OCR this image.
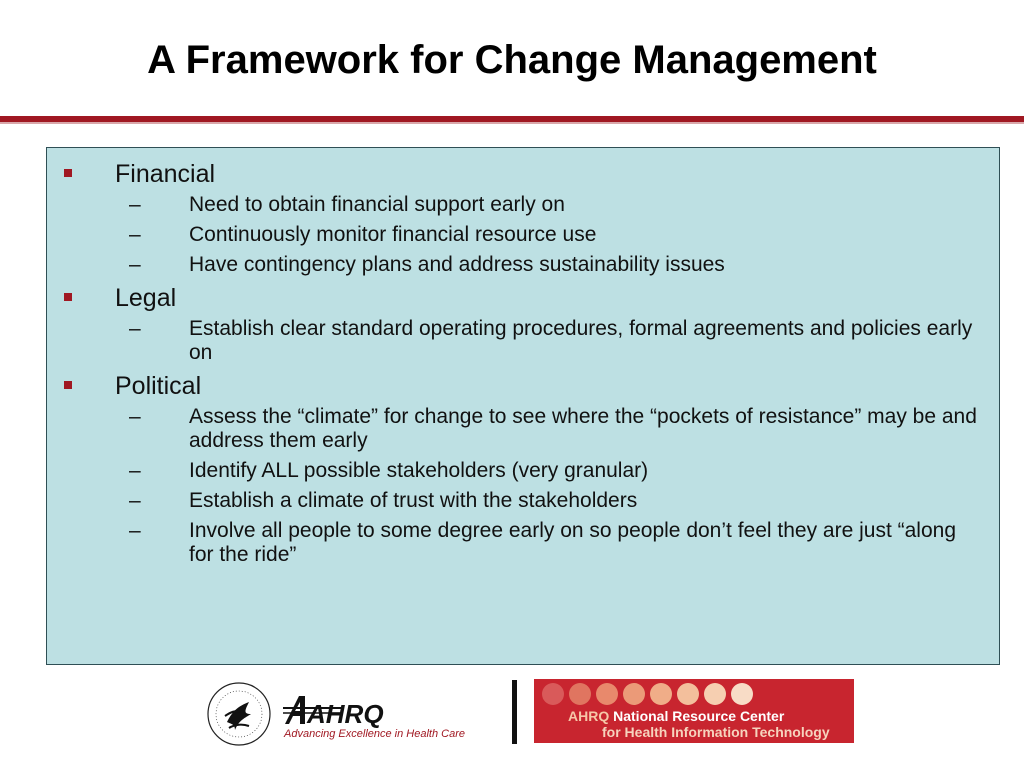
A Framework for Change Management
Financial
– Need to obtain financial support early on
– Continuously monitor financial resource use
– Have contingency plans and address sustainability issues
Legal
– Establish clear standard operating procedures, formal agreements and policies early on
Political
– Assess the “climate” for change to see where the “pockets of resistance” may be and address them early
– Identify ALL possible stakeholders (very granular)
– Establish a climate of trust with the stakeholders
– Involve all people to some degree early on so people don’t feel they are just “along for the ride”
AHRQ
Advancing Excellence in Health Care
AHRQ National Resource Center
for Health Information Technology
